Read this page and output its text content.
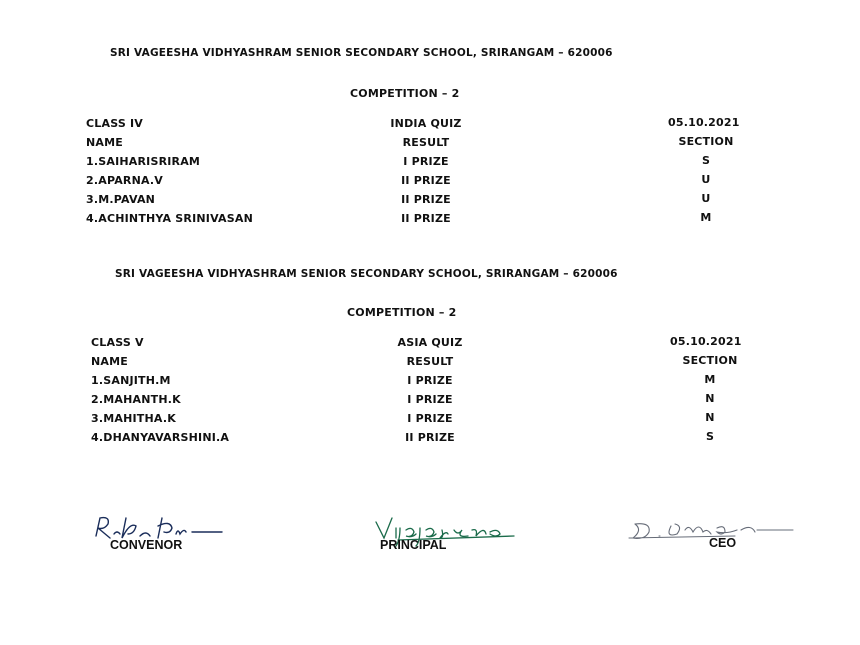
SRI VAGEESHA VIDHYASHRAM SENIOR SECONDARY SCHOOL, SRIRANGAM – 620006
COMPETITION – 2
CLASS IV	INDIA QUIZ	05.10.2021
NAME	RESULT	SECTION
1.SAIHARISRIRAM	I PRIZE	S
2.APARNA.V	II PRIZE	U
3.M.PAVAN	II PRIZE	U
4.ACHINTHYA SRINIVASAN	II PRIZE	M
SRI VAGEESHA VIDHYASHRAM SENIOR SECONDARY SCHOOL, SRIRANGAM – 620006
COMPETITION – 2
CLASS V	ASIA QUIZ	05.10.2021
NAME	RESULT	SECTION
1.SANJITH.M	I PRIZE	M
2.MAHANTH.K	I PRIZE	N
3.MAHITHA.K	I PRIZE	N
4.DHANYAVARSHINI.A	II PRIZE	S
CONVENOR	PRINCIPAL	CEO
